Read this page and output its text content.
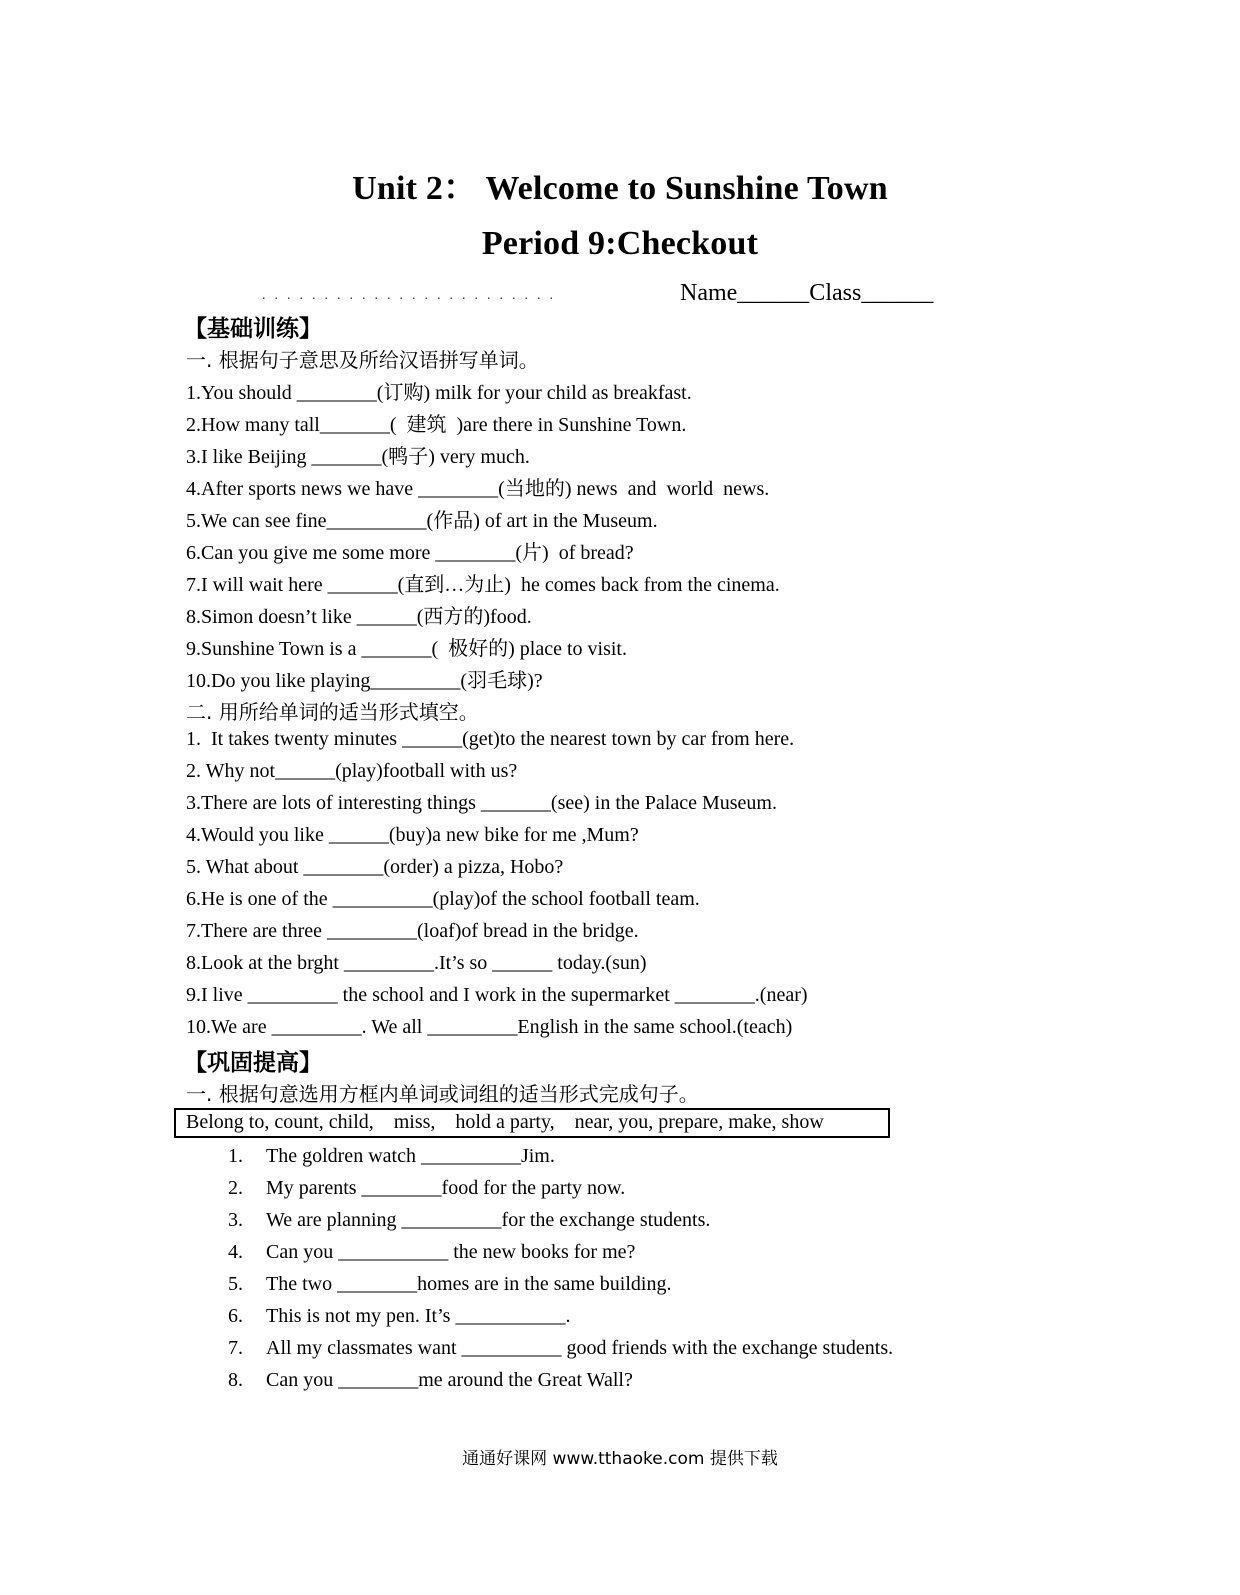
Unit 2： Welcome to Sunshine Town
Period 9:Checkout
........................	Name______Class______
【基础训练】
一. 根据句子意思及所给汉语拼写单词。
1.You should ________(订购) milk for your child as breakfast.
2.How many tall_______(  建筑  )are there in Sunshine Town.
3.I like Beijing _______(鸭子) very much.
4.After sports news we have ________(当地的) news  and  world  news.
5.We can see fine__________(作品) of art in the Museum.
6.Can you give me some more ________(片)  of bread?
7.I will wait here _______(直到…为止)  he comes back from the cinema.
8.Simon doesn’t like ______(西方的)food.
9.Sunshine Town is a _______(  极好的) place to visit.
10.Do you like playing_________(羽毛球)?
二. 用所给单词的适当形式填空。
1.  It takes twenty minutes ______(get)to the nearest town by car from here.
2. Why not______(play)football with us?
3.There are lots of interesting things _______(see) in the Palace Museum.
4.Would you like ______(buy)a new bike for me ,Mum?
5. What about ________(order) a pizza, Hobo?
6.He is one of the __________(play)of the school football team.
7.There are three _________(loaf)of bread in the bridge.
8.Look at the brght _________.It’s so ______ today.(sun)
9.I live _________ the school and I work in the supermarket ________.(near)
10.We are _________. We all _________English in the same school.(teach)
【巩固提高】
一. 根据句意选用方框内单词或词组的适当形式完成句子。
Belong to, count, child,    miss,    hold a party,    near, you, prepare, make, show
1. The goldren watch __________Jim.
2. My parents ________food for the party now.
3. We are planning __________for the exchange students.
4. Can you ___________ the new books for me?
5. The two ________homes are in the same building.
6. This is not my pen. It’s ___________.
7. All my classmates want __________ good friends with the exchange students.
8. Can you ________me around the Great Wall?
通通好课网 www.tthaoke.com 提供下载
